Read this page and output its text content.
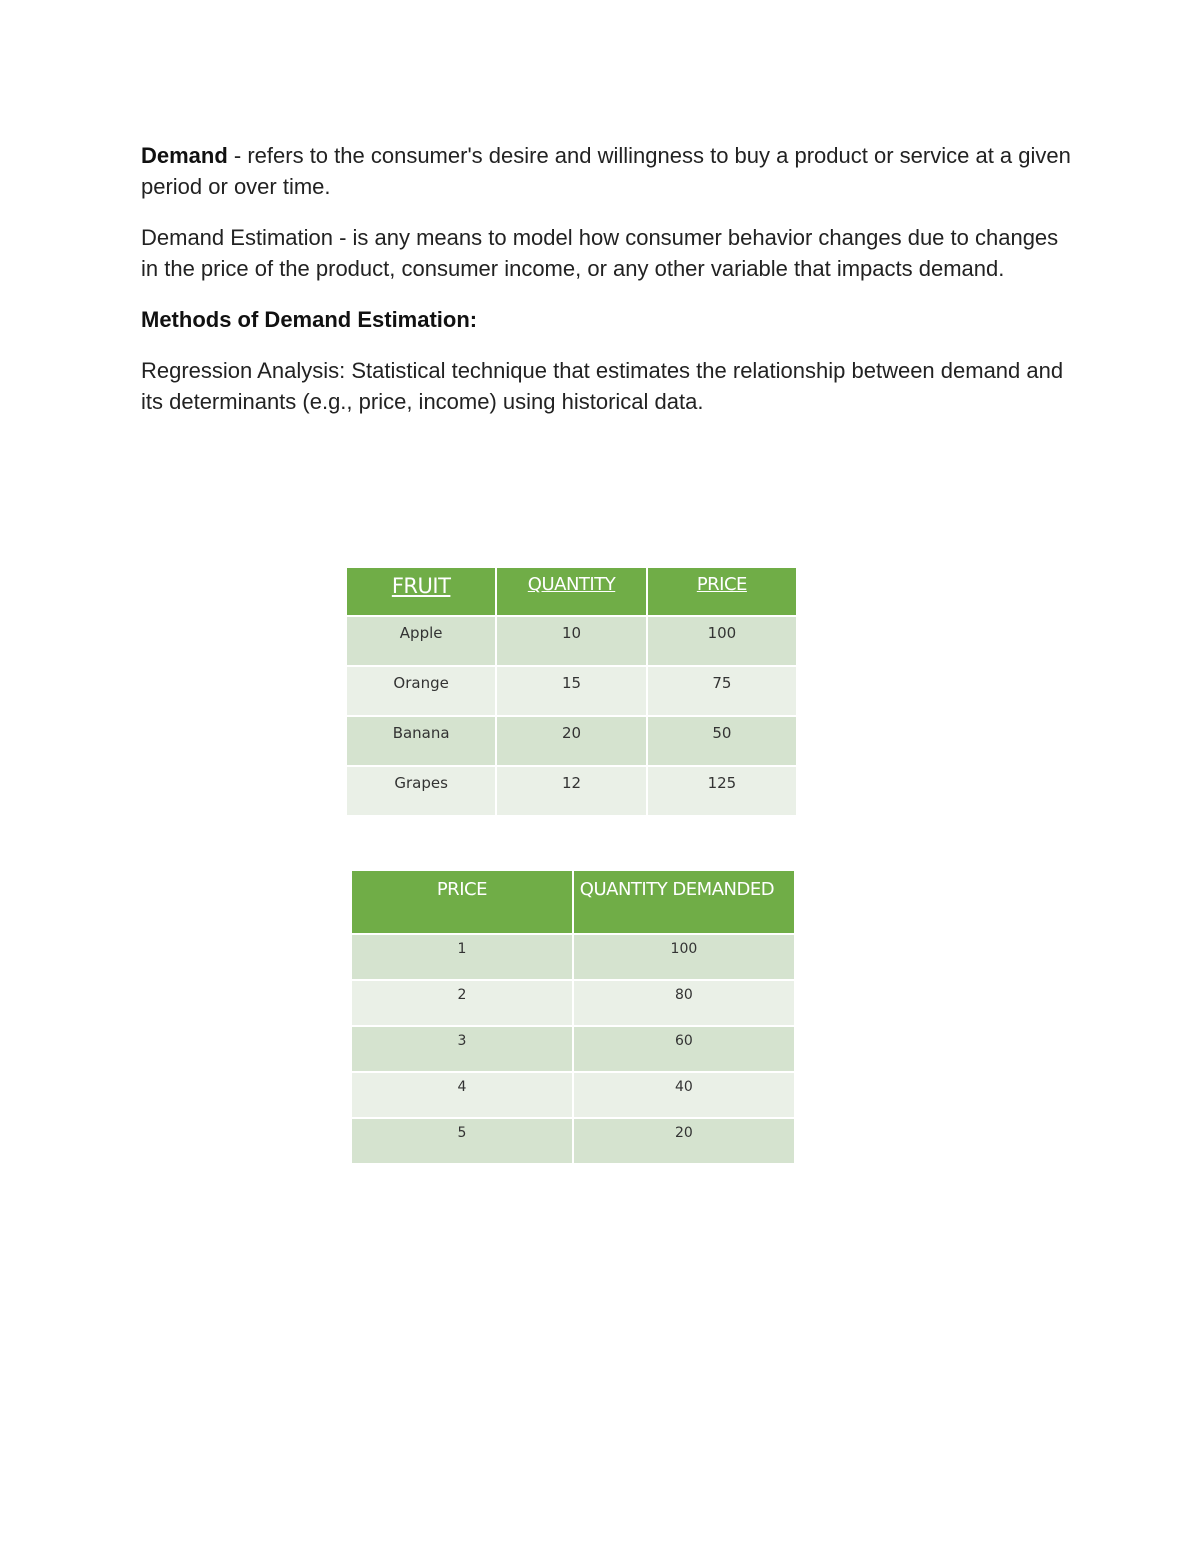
Demand - refers to the consumer's desire and willingness to buy a product or service at a given period or over time.

Demand Estimation - is any means to model how consumer behavior changes due to changes in the price of the product, consumer income, or any other variable that impacts demand.

Methods of Demand Estimation:

Regression Analysis: Statistical technique that estimates the relationship between demand and its determinants (e.g., price, income) using historical data.

FRUIT	QUANTITY	PRICE
Apple	10	100
Orange	15	75
Banana	20	50
Grapes	12	125
PRICE	QUANTITY DEMANDED
1	100
2	80
3	60
4	40
5	20
